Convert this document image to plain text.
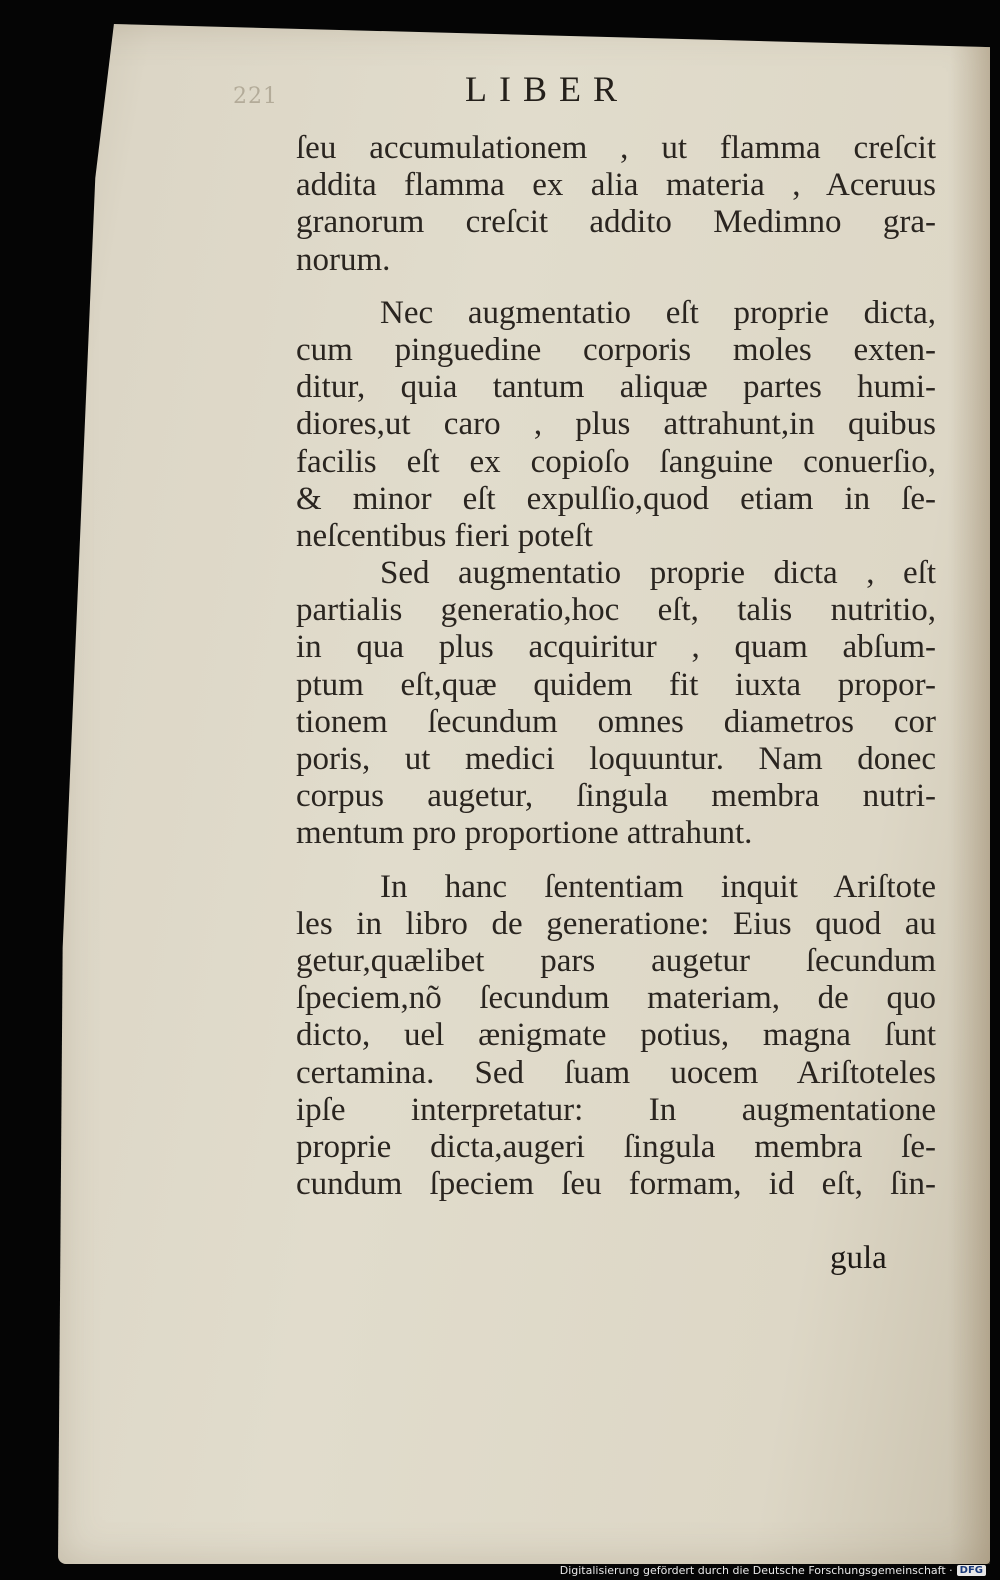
221	LIBER
ſeu accumulationem , ut flamma creſcit
addita flamma ex alia materia , Aceruus
granorum creſcit addito Medimno gra-
norum.
Nec augmentatio eſt proprie dicta,
cum pinguedine corporis moles exten-
ditur, quia tantum aliquæ partes humi-
diores,ut caro , plus attrahunt,in quibus
facilis eſt ex copioſo ſanguine conuerſio,
& minor eſt expulſio,quod etiam in ſe-
neſcentibus fieri poteſt
Sed augmentatio proprie dicta , eſt
partialis generatio,hoc eſt, talis nutritio,
in qua plus acquiritur , quam abſum-
ptum eſt,quæ quidem fit iuxta propor-
tionem ſecundum omnes diametros cor
poris, ut medici loquuntur. Nam donec
corpus augetur, ſingula membra nutri-
mentum pro proportione attrahunt.
In hanc ſententiam inquit Ariſtote
les in libro de generatione: Eius quod au
getur,quælibet pars augetur ſecundum
ſpeciem,nõ ſecundum materiam, de quo
dicto, uel ænigmate potius, magna ſunt
certamina. Sed ſuam uocem Ariſtoteles
ipſe interpretatur: In augmentatione
proprie dicta,augeri ſingula membra ſe-
cundum ſpeciem ſeu formam, id eſt, ſin-
gula
Digitalisierung gefördert durch die Deutsche Forschungsgemeinschaft · DFG
